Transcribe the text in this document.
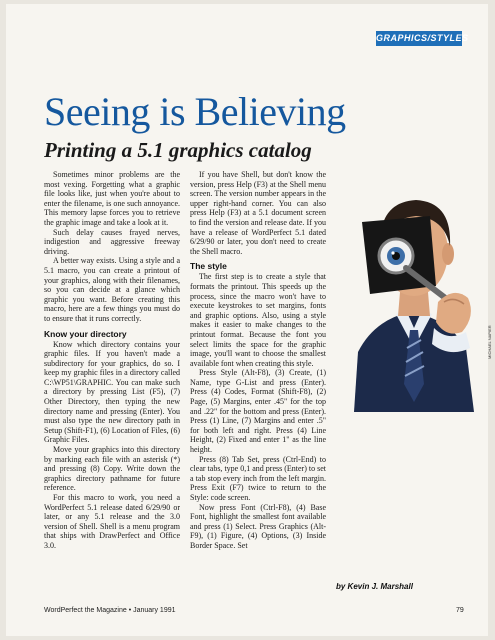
GRAPHICS/STYLES
Seeing is Believing
Printing a 5.1 graphics catalog

Sometimes minor problems are the most vexing. Forgetting what a graphic file looks like, just when you're about to enter the filename, is one such annoyance. This memory lapse forces you to retrieve the graphic image and take a look at it.

Such delay causes frayed nerves, indigestion and aggressive freeway driving.

A better way exists. Using a style and a 5.1 macro, you can create a printout of your graphics, along with their filenames, so you can decide at a glance which graphic you want. Before creating this macro, here are a few things you must do to ensure that it runs correctly.

Know your directory

Know which directory contains your graphic files. If you haven't made a subdirectory for your graphics, do so. I keep my graphic files in a directory called C:\WP51\GRAPHIC. You can make such a directory by pressing List (F5), (7) Other Directory, then typing the new directory name and pressing (Enter). You must also type the new directory path in Setup (Shift-F1), (6) Location of Files, (6) Graphic Files.

Move your graphics into this directory by marking each file with an asterisk (*) and pressing (8) Copy. Write down the graphics directory pathname for future reference.

For this macro to work, you need a WordPerfect 5.1 release dated 6/29/90 or later, or any 5.1 release and the 3.0 version of Shell. Shell is a menu program that ships with DrawPerfect and Office 3.0.

If you have Shell, but don't know the version, press Help (F3) at the Shell menu screen. The version number appears in the upper right-hand corner. You can also press Help (F3) at a 5.1 document screen to find the version and release date. If you have a release of WordPerfect 5.1 dated 6/29/90 or later, you don't need to create the Shell macro.

The style

The first step is to create a style that formats the printout. This speeds up the process, since the macro won't have to execute keystrokes to set margins, fonts and graphic options. Also, using a style makes it easier to make changes to the printout format. Because the font you select limits the space for the graphic image, you'll want to choose the smallest available font when creating this style.

Press Style (Alt-F8), (3) Create, (1) Name, type G-List and press (Enter). Press (4) Codes, Format (Shift-F8), (2) Page, (5) Margins, enter .45" for the top and .22" for the bottom and press (Enter). Press (1) Line, (7) Margins and enter .5" for both left and right. Press (4) Line Height, (2) Fixed and enter 1" as the line height.

Press (8) Tab Set, press (Ctrl-End) to clear tabs, type 0,1 and press (Enter) to set a tab stop every inch from the left margin. Press Exit (F7) twice to return to the Style: code screen.

Now press Font (Ctrl-F8), (4) Base Font, highlight the smallest font available and press (1) Select. Press Graphics (Alt-F9), (1) Figure, (4) Options, (3) Inside Border Space. Set

MICHAEL NAPIER
by Kevin J. Marshall
WordPerfect the Magazine • January 1991	79
